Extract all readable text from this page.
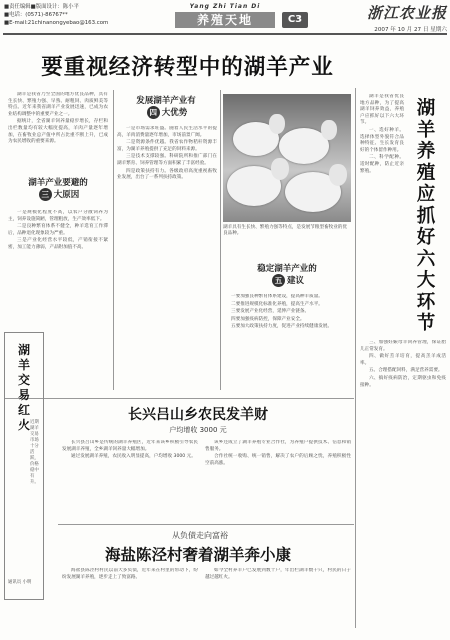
■责任编辑■版面设计：陈小平
■电话：(0571)-86767**
■E-mail:21chinanongyebao@163.com
Yang Zhi Tian Di
养殖天地	C3	浙江农业报
2007 年 10 月 27 日 星期六
要重视经济转型中的湖羊产业

湖羊是我省乃至全国的地方优良品种，具有生长快、繁殖力强、早熟、耐粗饲、肉质鲜美等特点。近年来我省湖羊产业发展迅速，已成为农业结构调整中的重要产业之一。

据统计，全省湖羊饲养量稳步增长，存栏和出栏数量均有较大幅度提高，羊肉产量逐年增加，在畜牧业总产值中所占比重不断上升，已成为农民增收的重要来源。

湖羊产业要避的
三 大原因

一是规模化程度不高，以农户分散饲养为主，饲养设施简陋，管理粗放，生产效率低下。

二是良种繁育体系不健全，种羊选育工作滞后，品种退化现象较为严重。

三是产业化经营水平较低，产销衔接不紧密，加工能力薄弱，产品附加值不高。

发展湖羊产业有
四 大优势

一是市场需求旺盛。随着人民生活水平的提高，羊肉消费量逐年增加，市场前景广阔。

二是资源条件优越。我省农作物秸秆资源丰富，为湖羊养殖提供了充足的饲料来源。

三是技术支撑较强。科研院所和推广部门在湖羊繁育、饲养管理等方面积累了丰富经验。

四是政策扶持有力。各级政府高度重视畜牧业发展，出台了一系列扶持政策。

湖羊具有生长快、繁殖力强等特点，是发展节粮型畜牧业的优良品种。
稳定湖羊产业的
五 建议

一要加强良种繁育体系建设，提高种羊质量。

二要推进规模化标准化养殖，提高生产水平。

三要发展产业化经营，延伸产业链条。

四要加强疫病防控，保障产业安全。

五要加大政策扶持力度，促进产业持续健康发展。

湖羊是我省优良地方品种，为了提高湖羊饲养效益，养殖户应抓好以下六大环节。

一、选好种羊。选择体型外貌符合品种特征、生长发育良好的个体留作种用。

二、科学配种。适时配种，防止近亲繁殖。

湖
羊
养
殖
应
抓
好
六
大
环
节

三、加强妊娠母羊饲养管理，保证胎儿正常发育。

四、做好羔羊培育，提高羔羊成活率。

五、合理搭配饲料，满足营养需要。

六、搞好疫病防治，定期驱虫和免疫接种。

湖
羊
交
易
红
火 近期湖羊交易市场十分活跃，价格稳中有升。
通讯员 小明
长兴吕山乡农民发羊财
户均增收 3000 元

长兴县吕山乡是传统的湖羊养殖区，近年来该乡积极引导农民发展湖羊养殖，全乡湖羊饲养量大幅增加。

通过发展湖羊养殖，农民收入明显提高，户均增收 3000 元。

该乡还成立了湖羊养殖专业合作社，为养殖户提供技术、信息和销售服务。

合作社统一收购、统一销售，解决了农户的后顾之忧，养殖积极性空前高涨。

从负债走向富裕
海盐陈泾村奢着湖羊奔小康

海盐县陈泾村村民以前大多负债，近年来在村里的带动下，纷纷发展湖羊养殖，逐步走上了致富路。

如今全村养羊户已发展到数十户，年出栏湖羊数千只，村民的日子越过越红火。
